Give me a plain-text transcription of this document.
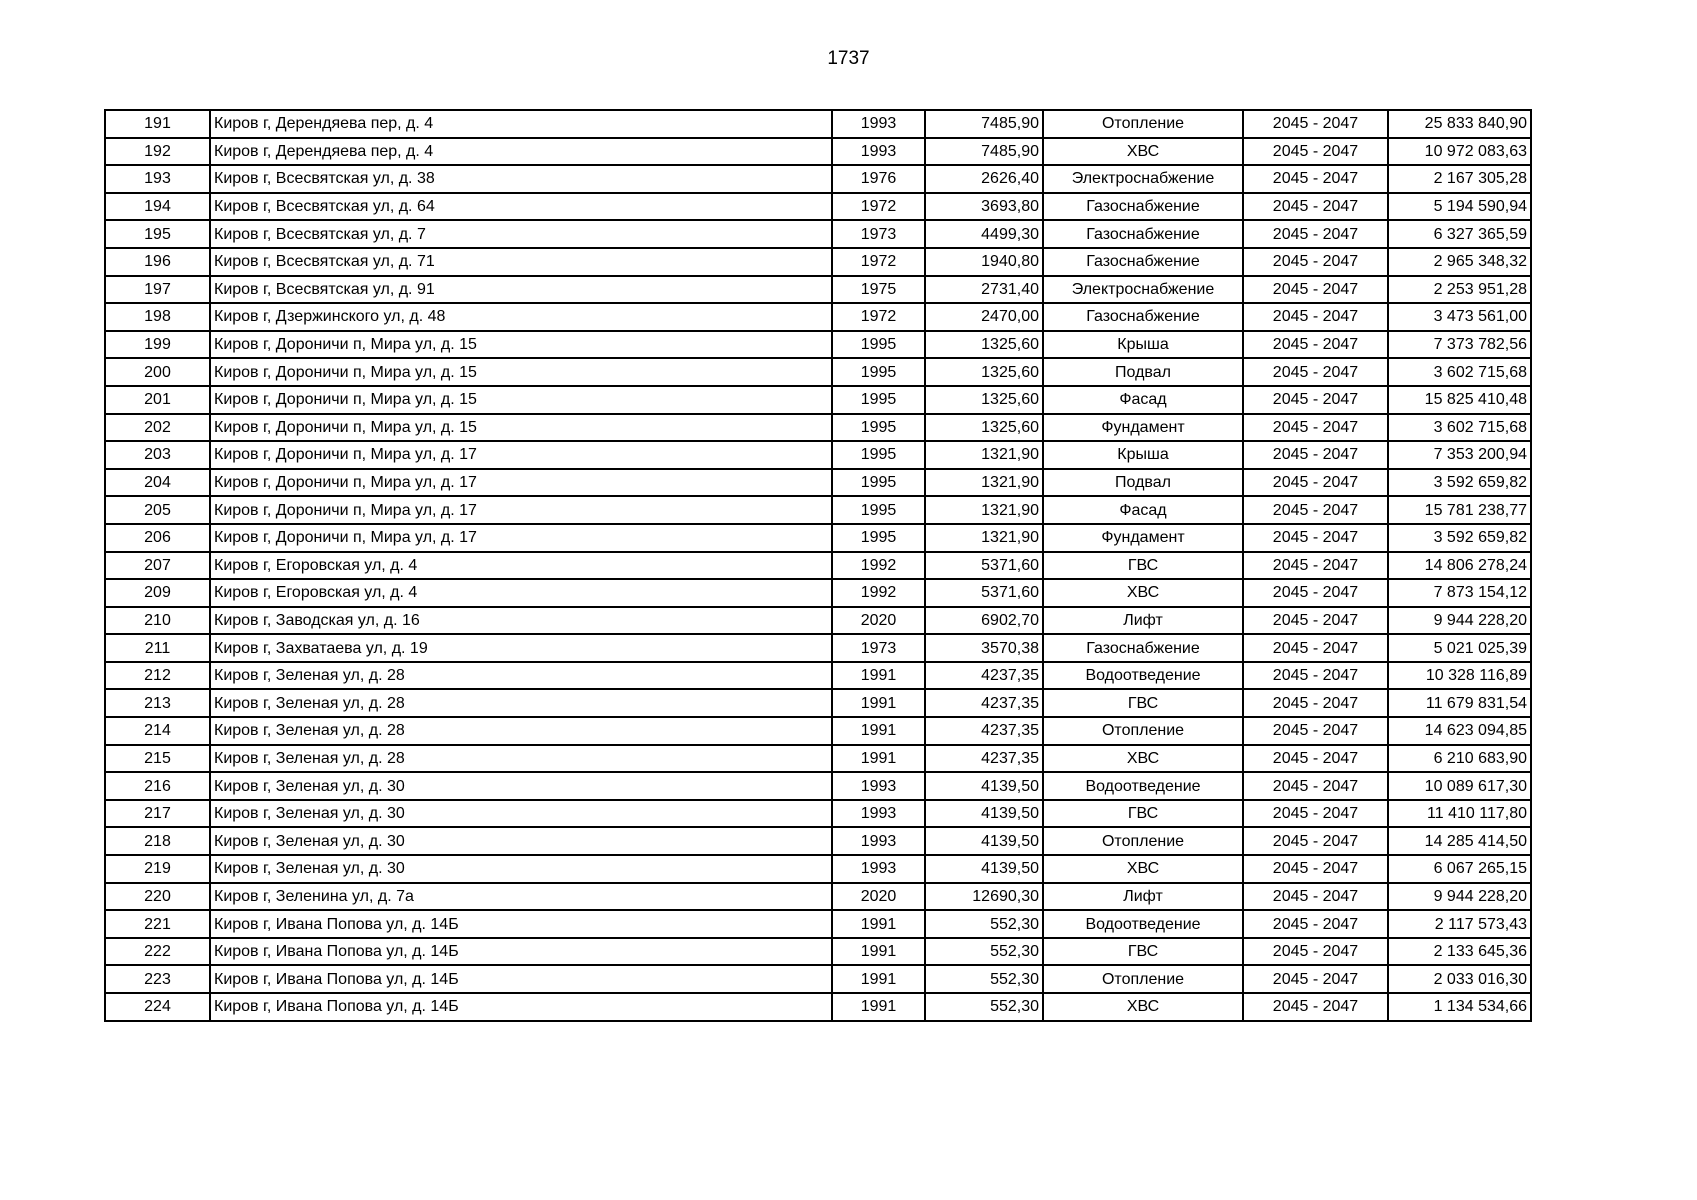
1737
191	Киров г, Дерендяева пер, д. 4	1993	7485,90	Отопление	2045 - 2047	25 833 840,90
192	Киров г, Дерендяева пер, д. 4	1993	7485,90	ХВС	2045 - 2047	10 972 083,63
193	Киров г, Всесвятская ул, д. 38	1976	2626,40	Электроснабжение	2045 - 2047	2 167 305,28
194	Киров г, Всесвятская ул, д. 64	1972	3693,80	Газоснабжение	2045 - 2047	5 194 590,94
195	Киров г, Всесвятская ул, д. 7	1973	4499,30	Газоснабжение	2045 - 2047	6 327 365,59
196	Киров г, Всесвятская ул, д. 71	1972	1940,80	Газоснабжение	2045 - 2047	2 965 348,32
197	Киров г, Всесвятская ул, д. 91	1975	2731,40	Электроснабжение	2045 - 2047	2 253 951,28
198	Киров г, Дзержинского ул, д. 48	1972	2470,00	Газоснабжение	2045 - 2047	3 473 561,00
199	Киров г, Дороничи п, Мира ул, д. 15	1995	1325,60	Крыша	2045 - 2047	7 373 782,56
200	Киров г, Дороничи п, Мира ул, д. 15	1995	1325,60	Подвал	2045 - 2047	3 602 715,68
201	Киров г, Дороничи п, Мира ул, д. 15	1995	1325,60	Фасад	2045 - 2047	15 825 410,48
202	Киров г, Дороничи п, Мира ул, д. 15	1995	1325,60	Фундамент	2045 - 2047	3 602 715,68
203	Киров г, Дороничи п, Мира ул, д. 17	1995	1321,90	Крыша	2045 - 2047	7 353 200,94
204	Киров г, Дороничи п, Мира ул, д. 17	1995	1321,90	Подвал	2045 - 2047	3 592 659,82
205	Киров г, Дороничи п, Мира ул, д. 17	1995	1321,90	Фасад	2045 - 2047	15 781 238,77
206	Киров г, Дороничи п, Мира ул, д. 17	1995	1321,90	Фундамент	2045 - 2047	3 592 659,82
207	Киров г, Егоровская ул, д. 4	1992	5371,60	ГВС	2045 - 2047	14 806 278,24
209	Киров г, Егоровская ул, д. 4	1992	5371,60	ХВС	2045 - 2047	7 873 154,12
210	Киров г, Заводская ул, д. 16	2020	6902,70	Лифт	2045 - 2047	9 944 228,20
211	Киров г, Захватаева ул, д. 19	1973	3570,38	Газоснабжение	2045 - 2047	5 021 025,39
212	Киров г, Зеленая ул, д. 28	1991	4237,35	Водоотведение	2045 - 2047	10 328 116,89
213	Киров г, Зеленая ул, д. 28	1991	4237,35	ГВС	2045 - 2047	11 679 831,54
214	Киров г, Зеленая ул, д. 28	1991	4237,35	Отопление	2045 - 2047	14 623 094,85
215	Киров г, Зеленая ул, д. 28	1991	4237,35	ХВС	2045 - 2047	6 210 683,90
216	Киров г, Зеленая ул, д. 30	1993	4139,50	Водоотведение	2045 - 2047	10 089 617,30
217	Киров г, Зеленая ул, д. 30	1993	4139,50	ГВС	2045 - 2047	11 410 117,80
218	Киров г, Зеленая ул, д. 30	1993	4139,50	Отопление	2045 - 2047	14 285 414,50
219	Киров г, Зеленая ул, д. 30	1993	4139,50	ХВС	2045 - 2047	6 067 265,15
220	Киров г, Зеленина ул, д. 7а	2020	12690,30	Лифт	2045 - 2047	9 944 228,20
221	Киров г, Ивана Попова ул, д. 14Б	1991	552,30	Водоотведение	2045 - 2047	2 117 573,43
222	Киров г, Ивана Попова ул, д. 14Б	1991	552,30	ГВС	2045 - 2047	2 133 645,36
223	Киров г, Ивана Попова ул, д. 14Б	1991	552,30	Отопление	2045 - 2047	2 033 016,30
224	Киров г, Ивана Попова ул, д. 14Б	1991	552,30	ХВС	2045 - 2047	1 134 534,66
